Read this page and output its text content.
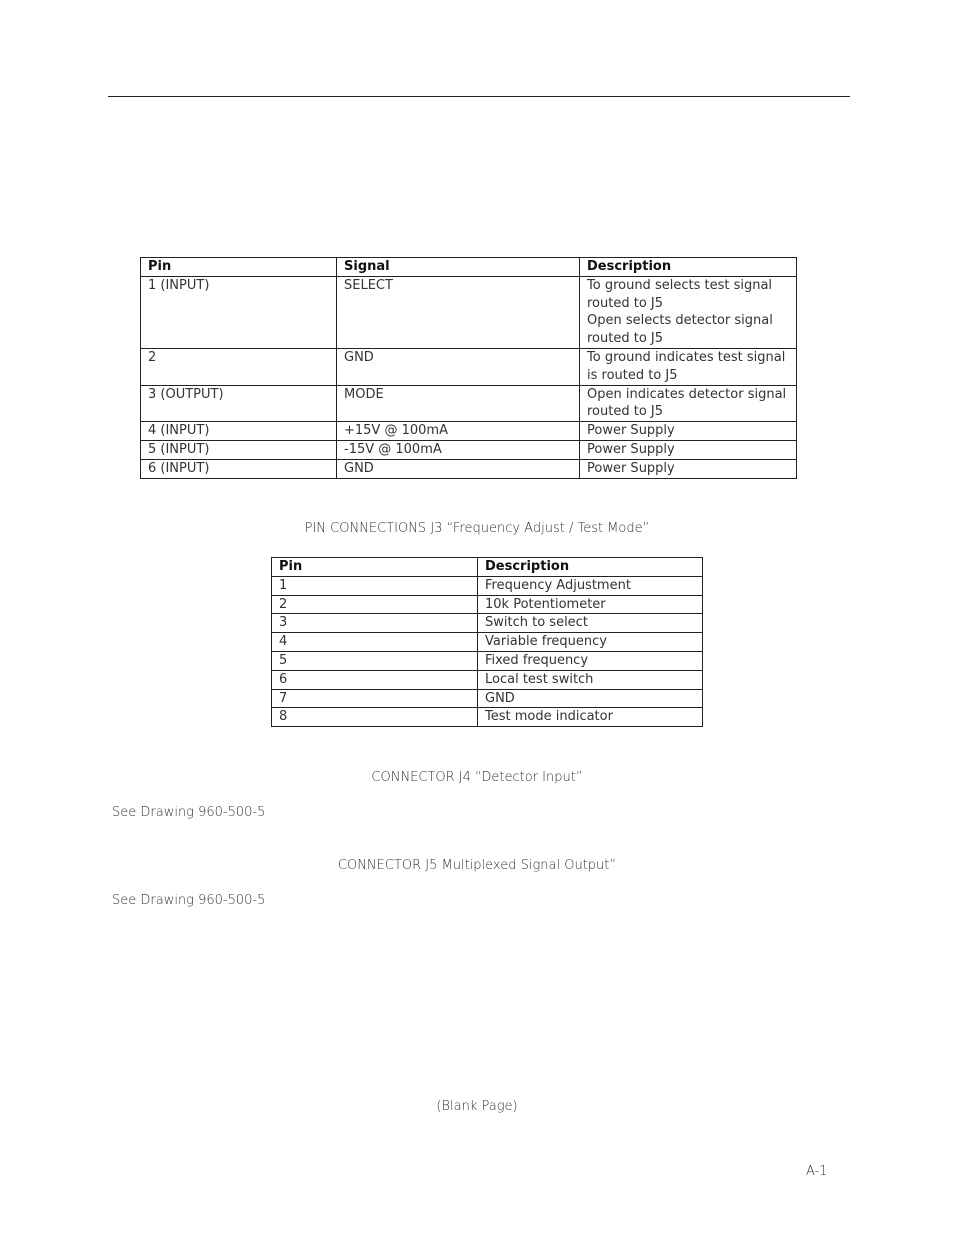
Pin	Signal	Description
1 (INPUT)	SELECT	To ground selects test signal
routed to J5
Open selects detector signal
routed to J5

2	GND	To ground indicates test signal
is routed to J5

3 (OUTPUT)	MODE	Open indicates detector signal
routed to J5

4 (INPUT)	+15V @ 100mA	Power Supply

5 (INPUT)	-15V @ 100mA	Power Supply

6 (INPUT)	GND	Power Supply
PIN CONNECTIONS J3 “Frequency Adjust / Test Mode”
Pin	Description
1	Frequency Adjustment
2	10k Potentiometer
3	Switch to select
4	Variable frequency
5	Fixed frequency
6	Local test switch
7	GND
8	Test mode indicator
CONNECTOR J4 “Detector Input”
See Drawing 960-500-5
CONNECTOR J5 Multiplexed Signal Output”
See Drawing 960-500-5
(Blank Page)
A-1
